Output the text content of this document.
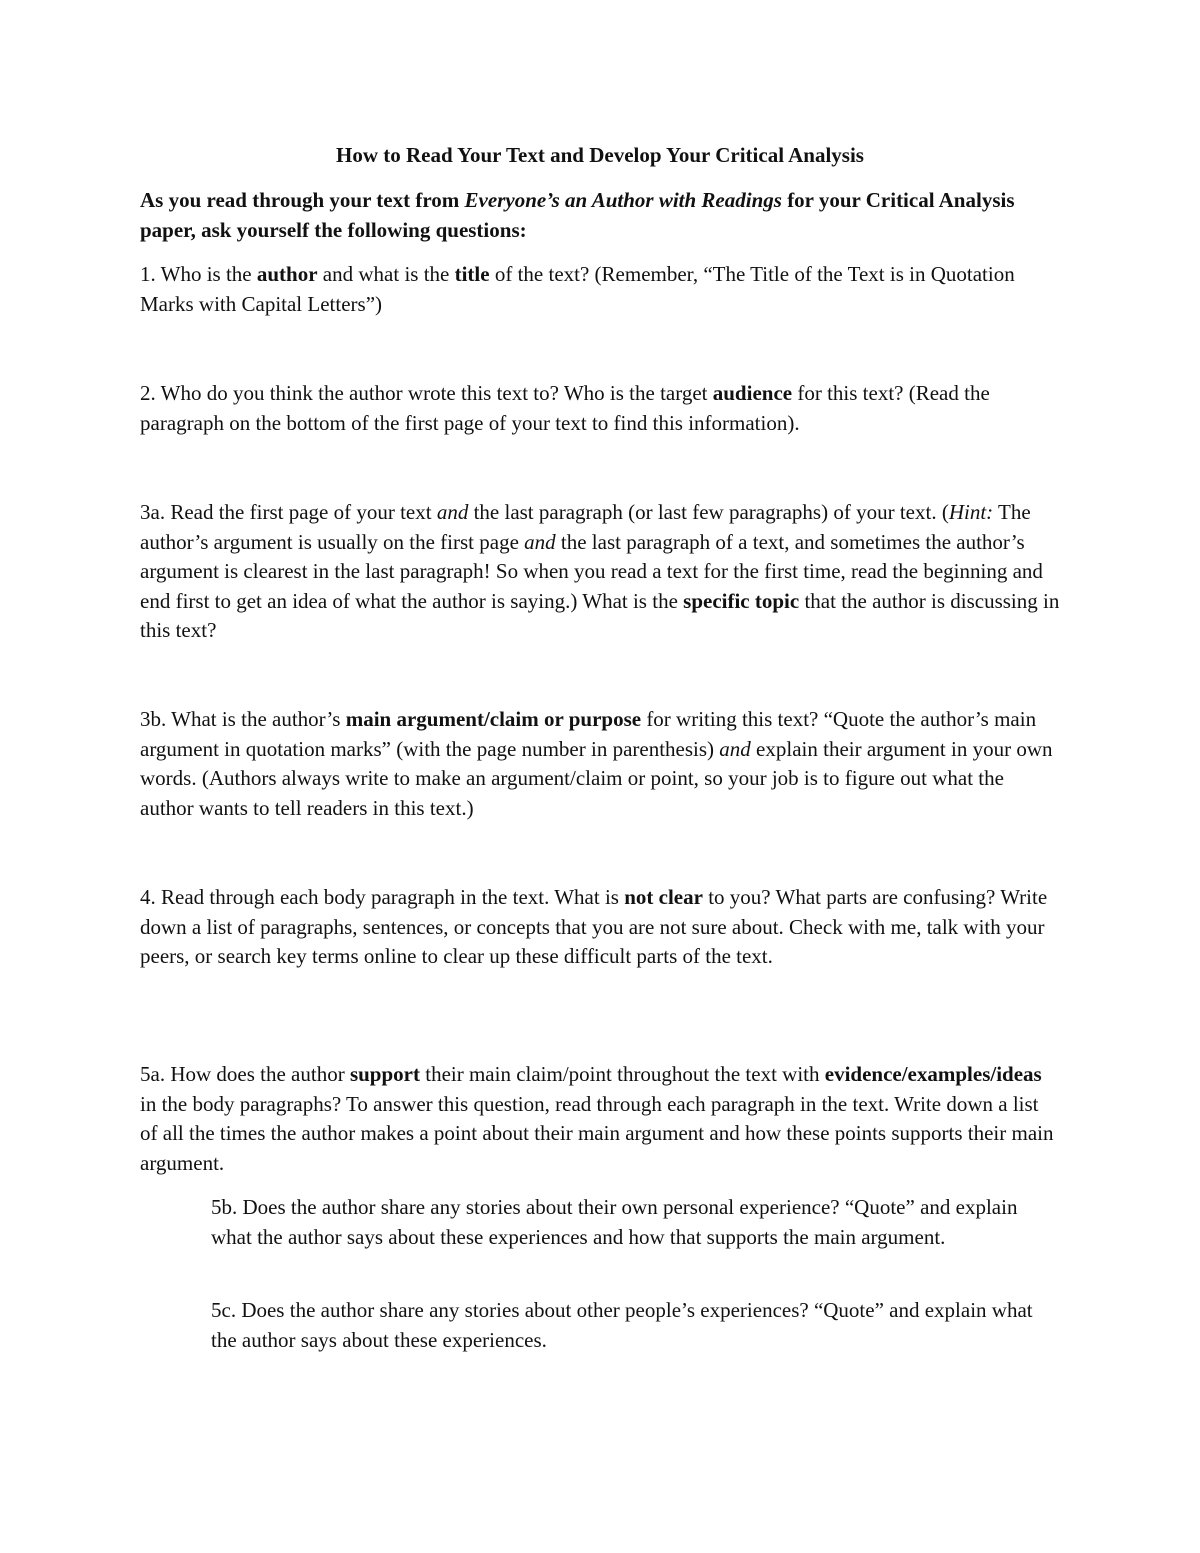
How to Read Your Text and Develop Your Critical Analysis
As you read through your text from Everyone’s an Author with Readings for your Critical Analysis paper, ask yourself the following questions:
1. Who is the author and what is the title of the text? (Remember, “The Title of the Text is in Quotation Marks with Capital Letters”)
2. Who do you think the author wrote this text to? Who is the target audience for this text? (Read the paragraph on the bottom of the first page of your text to find this information).
3a. Read the first page of your text and the last paragraph (or last few paragraphs) of your text. (Hint: The author’s argument is usually on the first page and the last paragraph of a text, and sometimes the author’s argument is clearest in the last paragraph! So when you read a text for the first time, read the beginning and end first to get an idea of what the author is saying.) What is the specific topic that the author is discussing in this text?
3b. What is the author’s main argument/claim or purpose for writing this text? “Quote the author’s main argument in quotation marks” (with the page number in parenthesis) and explain their argument in your own words. (Authors always write to make an argument/claim or point, so your job is to figure out what the author wants to tell readers in this text.)
4. Read through each body paragraph in the text. What is not clear to you? What parts are confusing? Write down a list of paragraphs, sentences, or concepts that you are not sure about. Check with me, talk with your peers, or search key terms online to clear up these difficult parts of the text.
5a. How does the author support their main claim/point throughout the text with evidence/examples/ideas in the body paragraphs? To answer this question, read through each paragraph in the text. Write down a list of all the times the author makes a point about their main argument and how these points supports their main argument.
5b. Does the author share any stories about their own personal experience? “Quote” and explain what the author says about these experiences and how that supports the main argument.
5c. Does the author share any stories about other people’s experiences? “Quote” and explain what the author says about these experiences.
